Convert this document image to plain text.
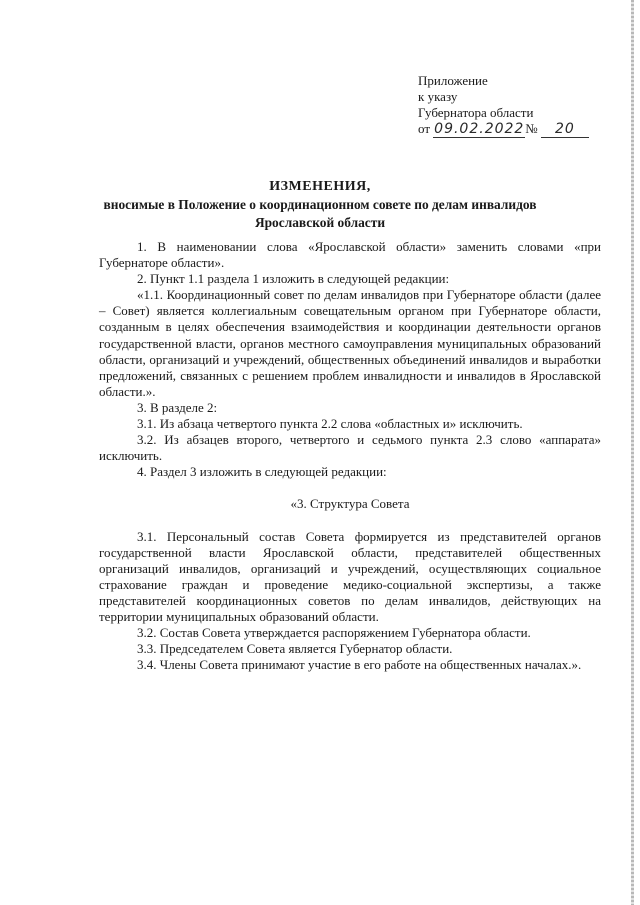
Приложение
к указу
Губернатора области
от 09.02.2022№ 20
ИЗМЕНЕНИЯ,
вносимые в Положение о координационном совете по делам инвалидов
Ярославской области

1. В наименовании слова «Ярославской области» заменить словами «при Губернаторе области».

2. Пункт 1.1 раздела 1 изложить в следующей редакции:

«1.1. Координационный совет по делам инвалидов при Губернаторе области (далее – Совет) является коллегиальным совещательным органом при Губернаторе области, созданным в целях обеспечения взаимодействия и координации деятельности органов государственной власти, органов местного самоуправления муниципальных образований области, организаций и учреждений, общественных объединений инвалидов и выработки предложений, связанных с решением проблем инвалидности и инвалидов в Ярославской области.».

3. В разделе 2:

3.1. Из абзаца четвертого пункта 2.2 слова «областных и» исключить.

3.2. Из абзацев второго, четвертого и седьмого пункта 2.3 слово «аппарата» исключить.

4. Раздел 3 изложить в следующей редакции:

«3. Структура Совета

3.1. Персональный состав Совета формируется из представителей органов государственной власти Ярославской области, представителей общественных организаций инвалидов, организаций и учреждений, осуществляющих социальное страхование граждан и проведение медико-социальной экспертизы, а также представителей координационных советов по делам инвалидов, действующих на территории муниципальных образований области.

3.2. Состав Совета утверждается распоряжением Губернатора области.

3.3. Председателем Совета является Губернатор области.

3.4. Члены Совета принимают участие в его работе на общественных началах.».
